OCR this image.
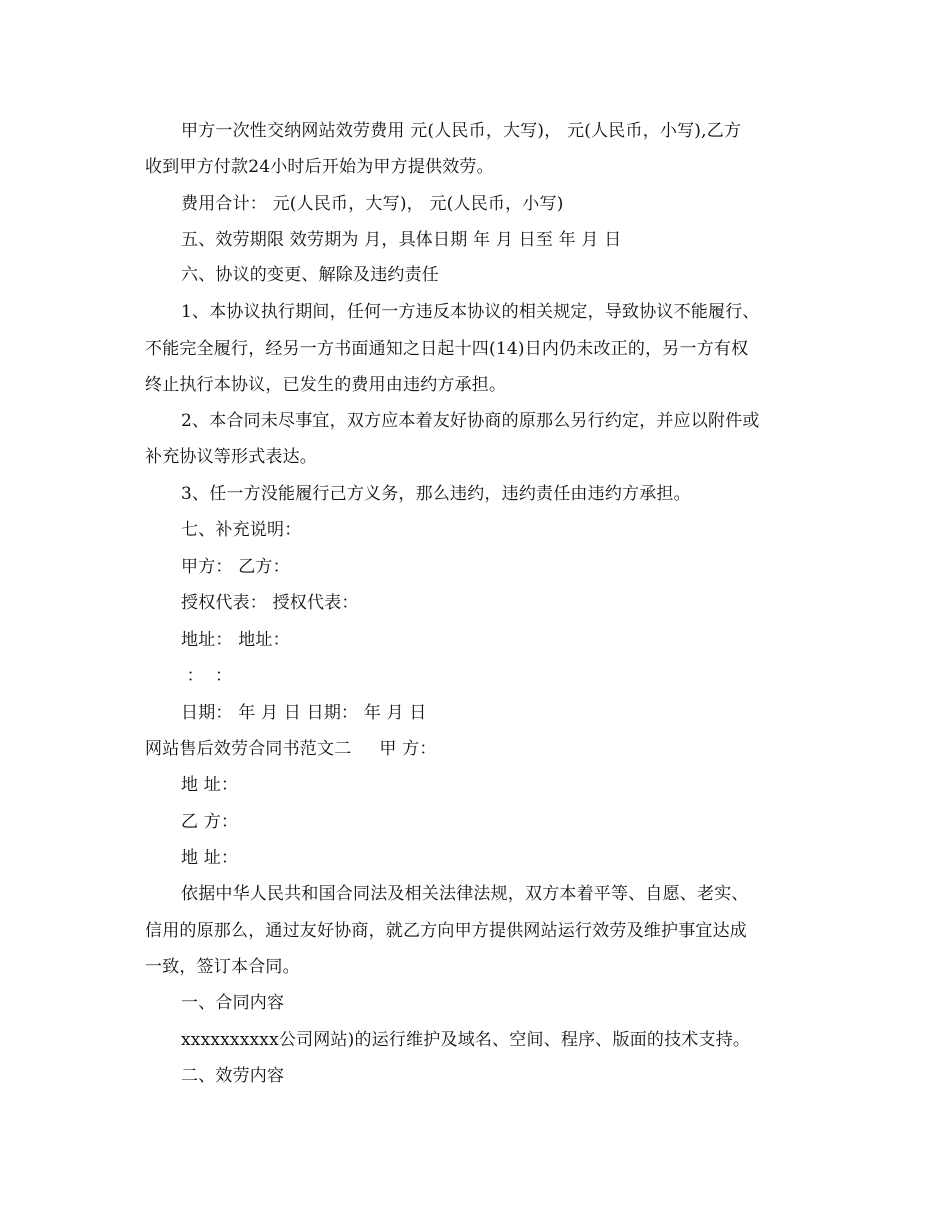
甲方一次性交纳网站效劳费用 元(人民币，大写)， 元(人民币，小写),乙方
收到甲方付款24小时后开始为甲方提供效劳。
费用合计： 元(人民币，大写)， 元(人民币，小写)
五、效劳期限 效劳期为 月，具体日期 年 月 日至 年 月 日
六、协议的变更、解除及违约责任
1、本协议执行期间，任何一方违反本协议的相关规定，导致协议不能履行、
不能完全履行，经另一方书面通知之日起十四(14)日内仍未改正的，另一方有权
终止执行本协议，已发生的费用由违约方承担。
2、本合同未尽事宜，双方应本着友好协商的原那么另行约定，并应以附件或
补充协议等形式表达。
3、任一方没能履行己方义务，那么违约，违约责任由违约方承担。
七、补充说明：
甲方： 乙方：
授权代表： 授权代表：
地址： 地址：
：  ：
日期： 年 月 日 日期： 年 月 日
网站售后效劳合同书范文二     甲 方：
地 址：
乙 方：
地 址：
依据中华人民共和国合同法及相关法律法规，双方本着平等、自愿、老实、
信用的原那么，通过友好协商，就乙方向甲方提供网站运行效劳及维护事宜达成
一致，签订本合同。
一、合同内容
xxxxxxxxxx公司网站)的运行维护及域名、空间、程序、版面的技术支持。
二、效劳内容
